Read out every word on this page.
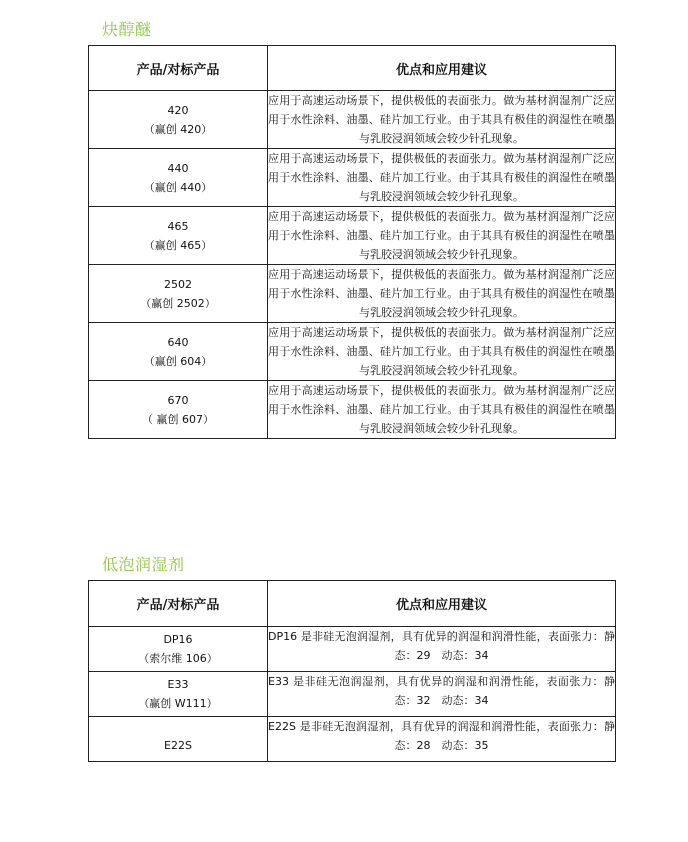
炔醇醚
产品/对标产品	优点和应用建议

420
（赢创 420）	应用于高速运动场景下，提供极低的表面张力。做为基材润湿剂广泛应用于水性涂料、油墨、硅片加工行业。由于其具有极佳的润湿性在喷墨与乳胶浸润领域会较少针孔现象。

440
（赢创 440）	应用于高速运动场景下，提供极低的表面张力。做为基材润湿剂广泛应用于水性涂料、油墨、硅片加工行业。由于其具有极佳的润湿性在喷墨与乳胶浸润领域会较少针孔现象。

465
（赢创 465）	应用于高速运动场景下，提供极低的表面张力。做为基材润湿剂广泛应用于水性涂料、油墨、硅片加工行业。由于其具有极佳的润湿性在喷墨与乳胶浸润领域会较少针孔现象。

2502
（赢创 2502）	应用于高速运动场景下，提供极低的表面张力。做为基材润湿剂广泛应用于水性涂料、油墨、硅片加工行业。由于其具有极佳的润湿性在喷墨与乳胶浸润领域会较少针孔现象。

640
（赢创 604）	应用于高速运动场景下，提供极低的表面张力。做为基材润湿剂广泛应用于水性涂料、油墨、硅片加工行业。由于其具有极佳的润湿性在喷墨与乳胶浸润领域会较少针孔现象。

670
（ 赢创 607）	应用于高速运动场景下，提供极低的表面张力。做为基材润湿剂广泛应用于水性涂料、油墨、硅片加工行业。由于其具有极佳的润湿性在喷墨与乳胶浸润领域会较少针孔现象。
低泡润湿剂
产品/对标产品	优点和应用建议

DP16
（索尔维 106）	DP16 是非硅无泡润湿剂，具有优异的润湿和润滑性能，表面张力：静态：29　动态：34

E33
（赢创 W111）	E33 是非硅无泡润湿剂，具有优异的润湿和润滑性能，表面张力：静态：32　动态：34

E22S	E22S 是非硅无泡润湿剂，具有优异的润湿和润滑性能，表面张力：静态：28　动态：35
